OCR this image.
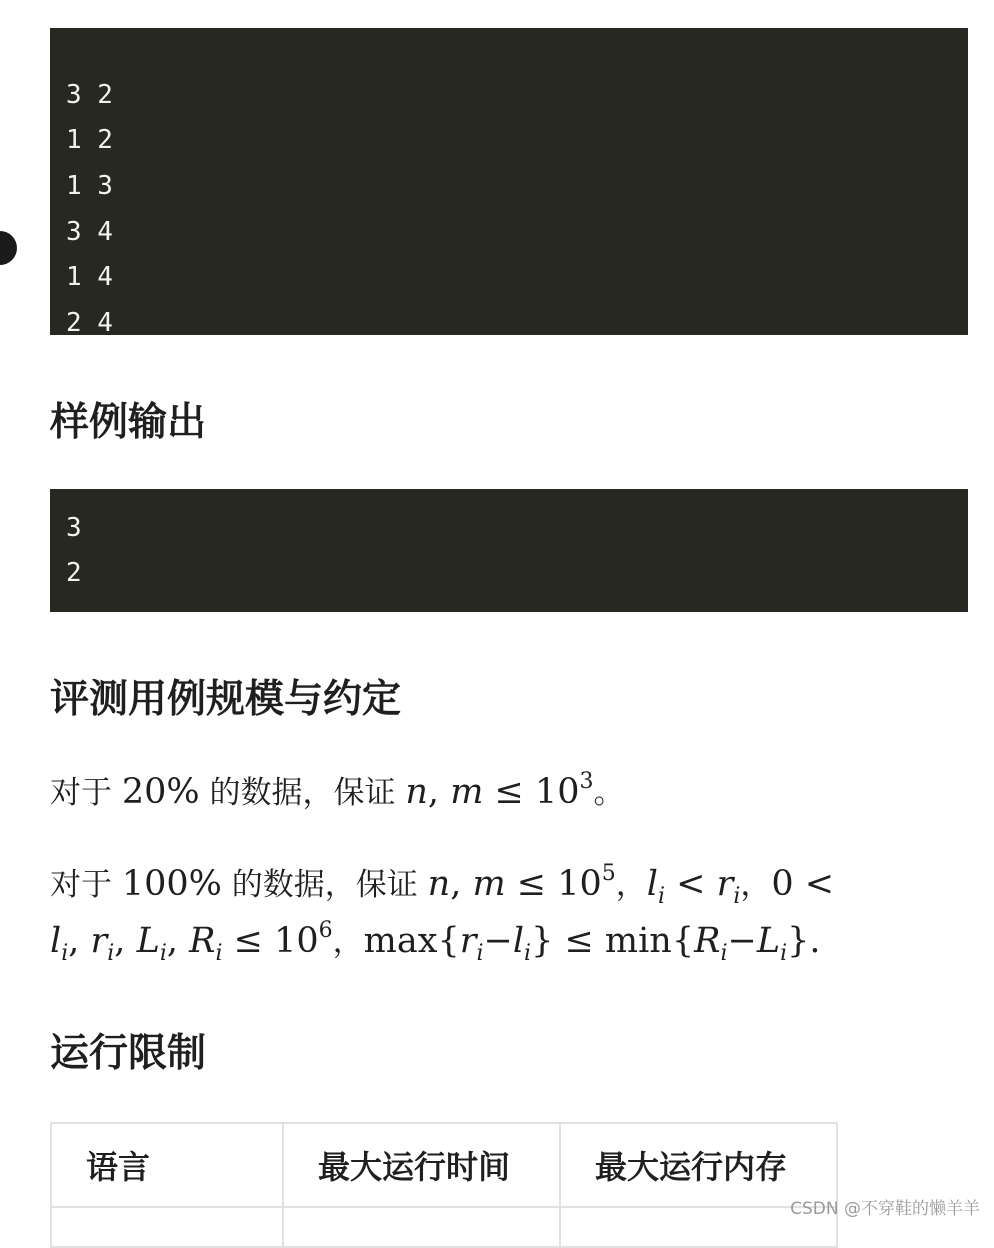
3 2
1 2
1 3
3 4
1 4
2 4
样例输出
3
2
评测用例规模与约定

对于 20% 的数据，保证 n, $m \le 10^3$。

对于 100% 的数据，保证 n, $m \le 10^5$，$l_i < r_i$，0 <

$l_i$, $r_i$, $L_i$, $R_i \le 10^6$，$\max\{r_i-l_i\} \le \min\{R_i-L_i\}$.

运行限制
语言	最大运行时间	最大运行内存

CSDN @不穿鞋的懒羊羊
